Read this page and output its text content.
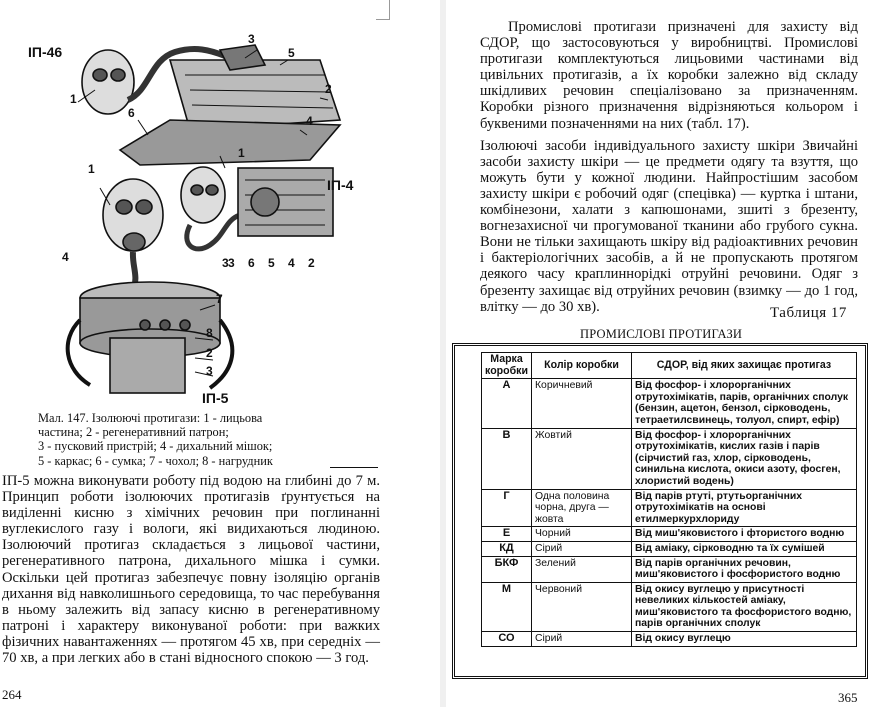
ІП-46
ІП-4
ІП-5
1
3
5
2
6
4
1
3 3 6 5 4 2
1
4
7
8
2
3
Мал. 147. Ізолюючі протигази: 1 - лицьова
частина; 2 - регенеративний патрон;
3 - пусковий пристрій; 4 - дихальний мішок;
5 - каркас; 6 - сумка; 7 - чохол; 8 - нагрудник
ІП-5 можна виконувати роботу під водою на глибині до 7 м. Принцип роботи ізолюючих протигазів ґрунтується на виділенні кисню з хімічних речовин при поглинанні вуглекислого газу і вологи, які видихаються людиною. Ізолюючий протигаз складається з лицьової частини, регенеративного патрона, дихального мішка і сумки. Оскільки цей протигаз забезпечує повну ізоляцію органів дихання від навколишнього середовища, то час перебування в ньому залежить від запасу кисню в регенеративному патроні і характеру виконуваної роботи: при важких фізичних навантаженнях — протягом 45 хв, при середніх — 70 хв, а при легких або в стані відносного спокою — 3 год.
264

Промислові протигази призначені для захисту від СДОР, що застосовуються у виробництві. Промислові протигази комплектуються лицьовими частинами від цивільних протигазів, а їх коробки залежно від складу шкідливих речовин спеціалізовано за призначенням. Коробки різного призначення відрізняються кольором і буквеними позначеннями на них (табл. 17).

Ізолюючі засоби індивідуального захисту шкіри Звичайні засоби захисту шкіри — це предмети одягу та взуття, що можуть бути у кожної людини. Найпростішим засобом захисту шкіри є робочий одяг (спецівка) — куртка і штани, комбінезони, халати з капюшонами, зшиті з брезенту, вогнезахисної чи прогумованої тканини або грубого сукна. Вони не тільки захищають шкіру від радіоактивних речовин і бактеріологічних засобів, а й не пропускають протягом деякого часу краплиннорідкі отруйні речовини. Одяг з брезенту захищає від отруйних речовин (взимку — до 1 год, влітку — до 30 хв).	Таблиця 17
ПРОМИСЛОВІ ПРОТИГАЗИ
Марка коробки	Колір коробки	СДОР, від яких захищає протигаз
А	Коричневий	Від фосфор- і хлорорганічних отрутохімікатів, парів, органічних сполук (бензин, ацетон, бензол, сірководень, тетраетилсвинець, толуол, спирт, ефір)
В	Жовтий	Від фосфор- і хлорорганічних отрутохімікатів, кислих газів і парів (сірчистий газ, хлор, сірководень, синильна кислота, окиси азоту, фосген, хлористий водень)
Г	Одна половина чорна, друга — жовта	Від парів ртуті, ртутьорганічних отрутохімікатів на основі етилмеркурхлориду
Е	Чорний	Від миш'яковистого і фтористого водню
КД	Сірий	Від аміаку, сірководню та їх сумішей
БКФ	Зелений	Від парів органічних речовин, миш'яковистого і фосфористого водню
М	Червоний	Від окису вуглецю у присутності невеликих кількостей аміаку, миш'яковистого та фосфористого водню, парів органічних сполук
СО	Сірий	Від окису вуглецю
365
